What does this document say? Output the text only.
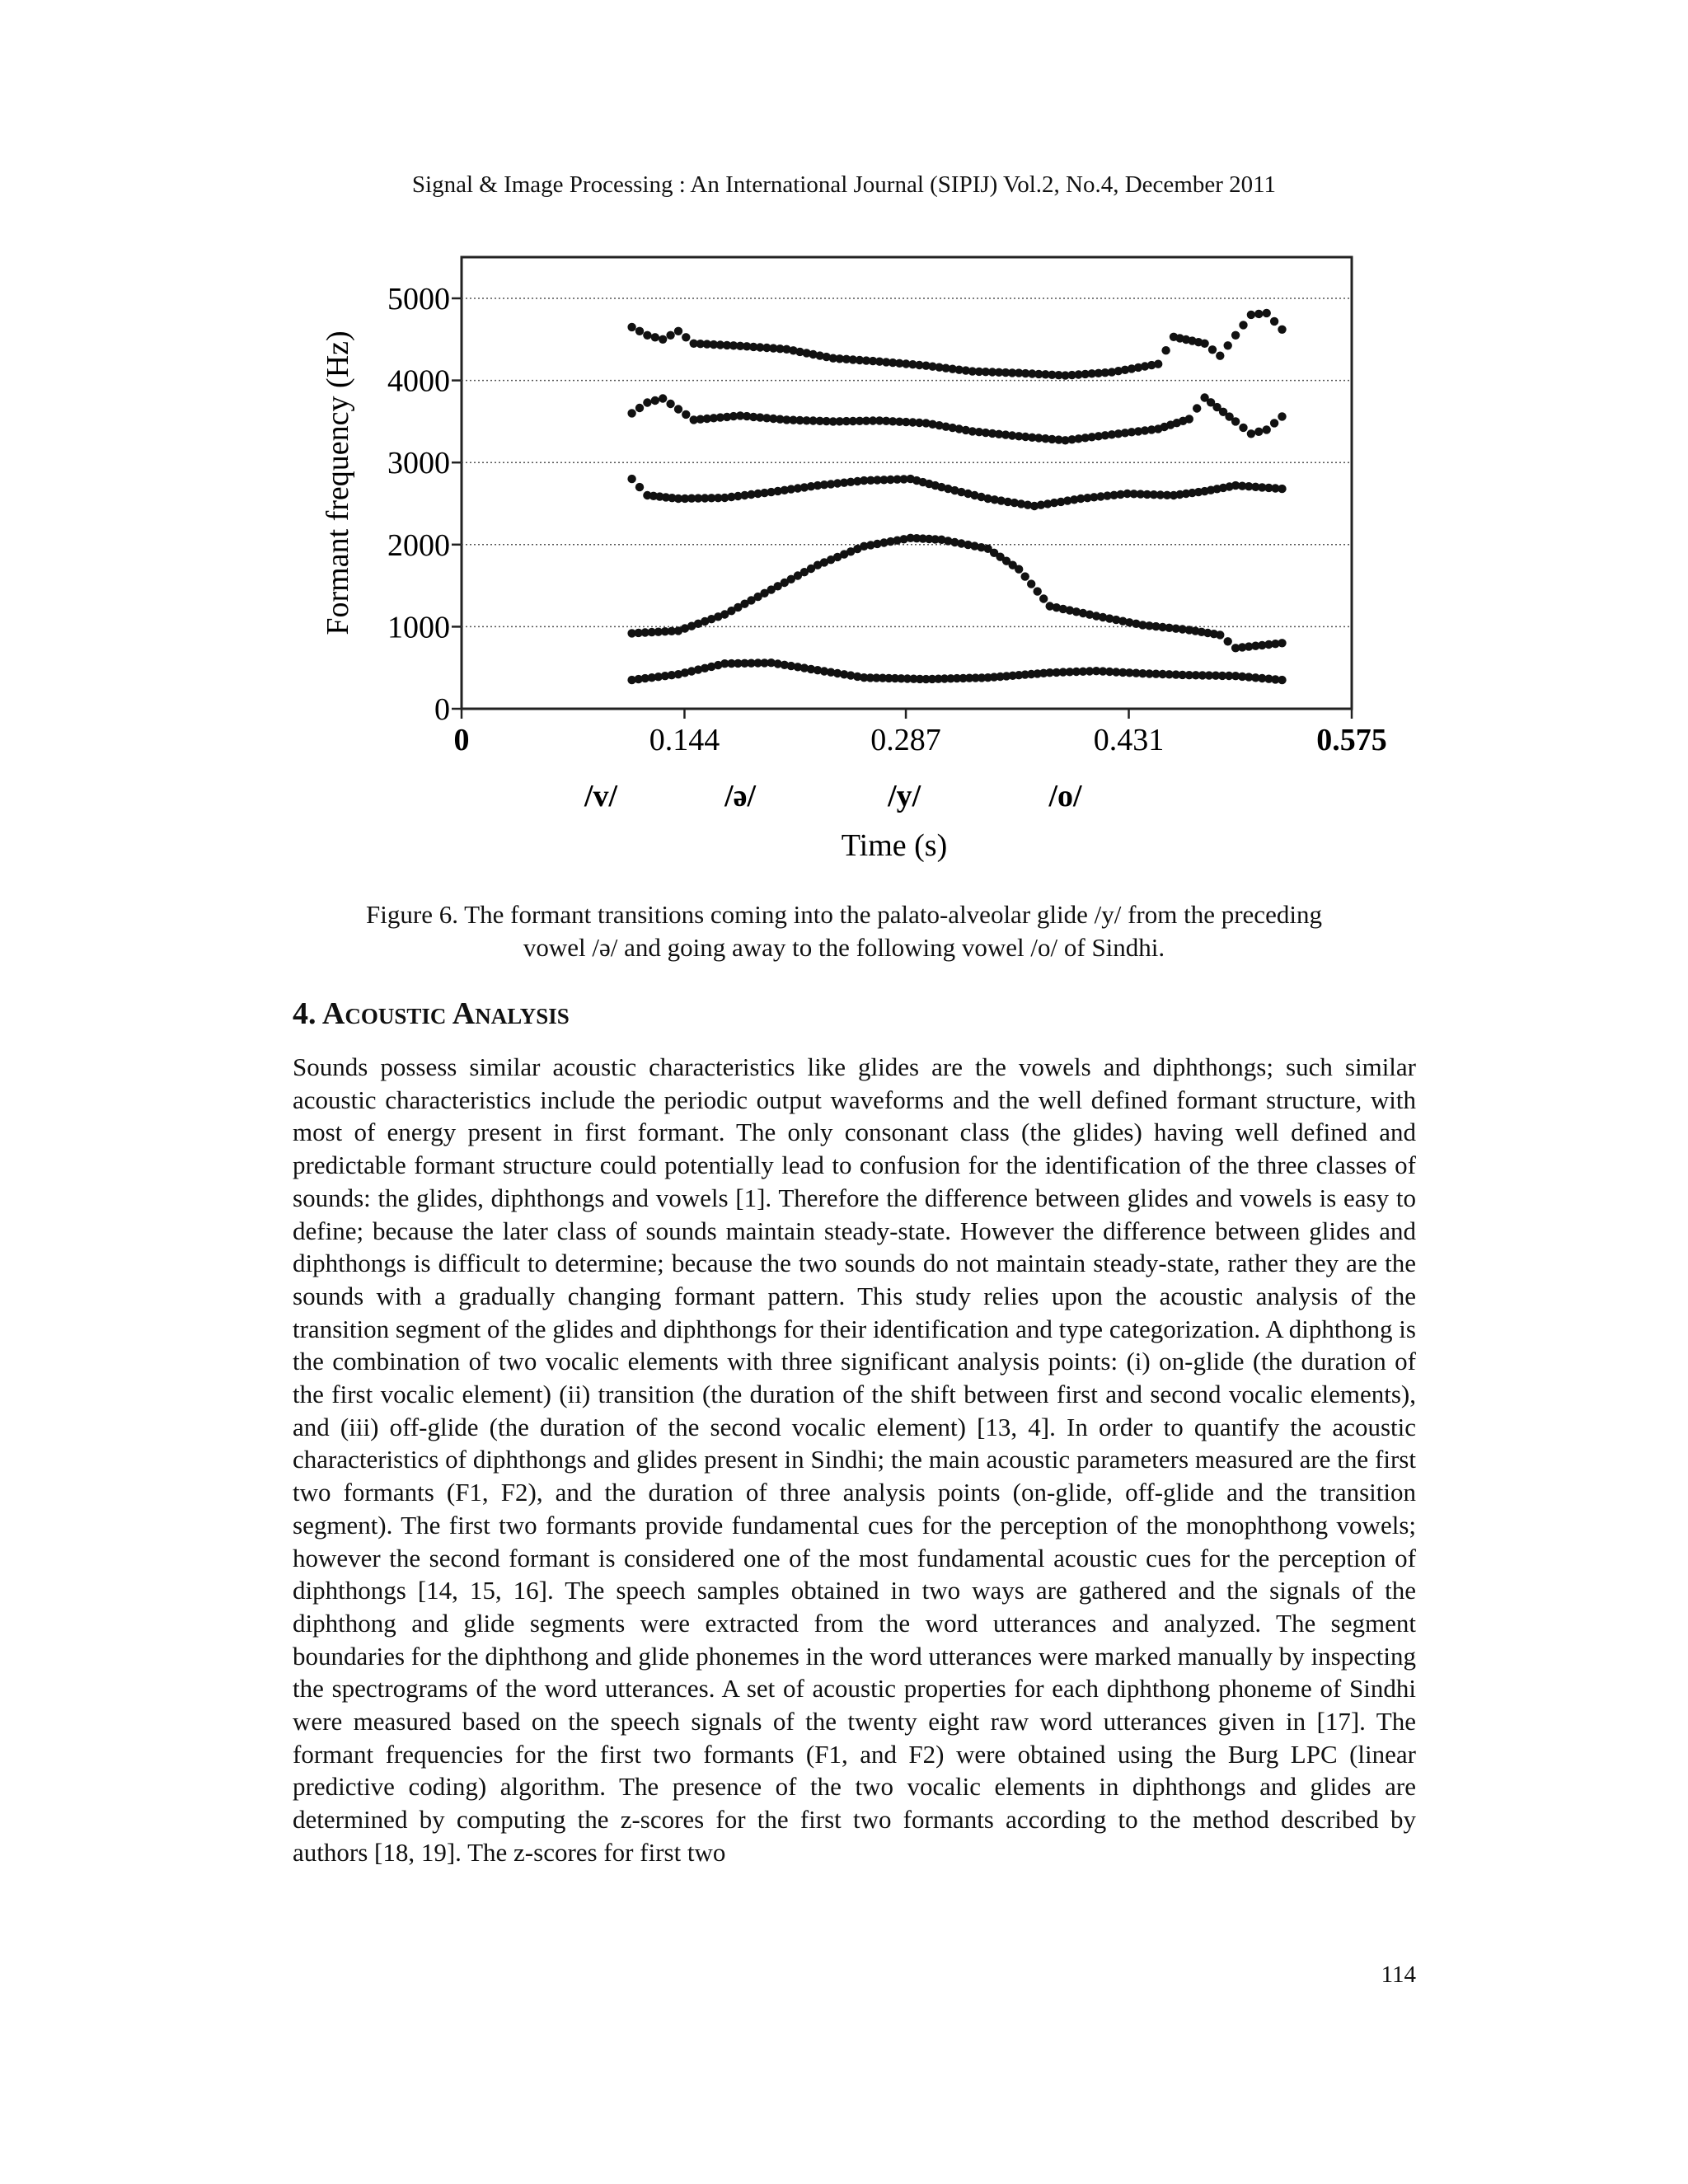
Signal & Image Processing : An International Journal (SIPIJ) Vol.2, No.4, December 2011
0
1000
2000
3000
4000
5000
0	0.144	0.287	0.431	0.575
/v/	/ə/	/y/	/o/
Formant frequency (Hz)
Time (s)
Figure 6. The formant transitions coming into the palato-alveolar glide /y/ from the preceding
vowel /ə/ and going away to the following vowel /o/ of Sindhi.
4. Acoustic Analysis
Sounds possess similar acoustic characteristics like glides are the vowels and diphthongs; such similar acoustic characteristics include the periodic output waveforms and the well defined formant structure, with most of energy present in first formant. The only consonant class (the glides) having well defined and predictable formant structure could potentially lead to confusion for the identification of the three classes of sounds: the glides, diphthongs and vowels [1]. Therefore the difference between glides and vowels is easy to define; because the later class of sounds maintain steady-state. However the difference between glides and diphthongs is difficult to determine; because the two sounds do not maintain steady-state, rather they are the sounds with a gradually changing formant pattern. This study relies upon the acoustic analysis of the transition segment of the glides and diphthongs for their identification and type categorization. A diphthong is the combination of two vocalic elements with three significant analysis points: (i) on-glide (the duration of the first vocalic element) (ii) transition (the duration of the shift between first and second vocalic elements), and (iii) off-glide (the duration of the second vocalic element) [13, 4]. In order to quantify the acoustic characteristics of diphthongs and glides present in Sindhi; the main acoustic parameters measured are the first two formants (F1, F2), and the duration of three analysis points (on-glide, off-glide and the transition segment). The first two formants provide fundamental cues for the perception of the monophthong vowels; however the second formant is considered one of the most fundamental acoustic cues for the perception of diphthongs [14, 15, 16]. The speech samples obtained in two ways are gathered and the signals of the diphthong and glide segments were extracted from the word utterances and analyzed. The segment boundaries for the diphthong and glide phonemes in the word utterances were marked manually by inspecting the spectrograms of the word utterances. A set of acoustic properties for each diphthong phoneme of Sindhi were measured based on the speech signals of the twenty eight raw word utterances given in [17]. The formant frequencies for the first two formants (F1, and F2) were obtained using the Burg LPC (linear predictive coding) algorithm. The presence of the two vocalic elements in diphthongs and glides are determined by computing the z-scores for the first two formants according to the method described by authors [18, 19]. The z-scores for first two
114
